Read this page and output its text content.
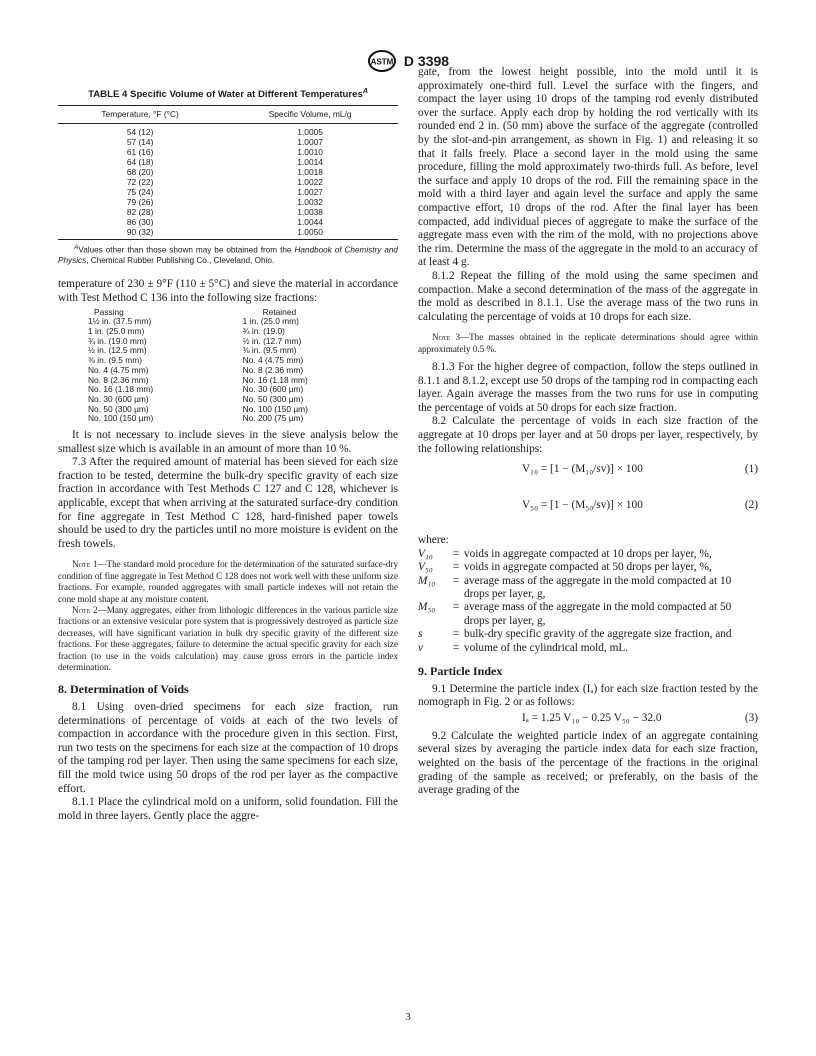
ASTM D 3398
TABLE 4 Specific Volume of Water at Different Temperatures$^A$
Temperature, °F (°C)	Specific Volume, mL/g
54 (12)	1.0005
57 (14)	1.0007
61 (16)	1.0010
64 (18)	1.0014
68 (20)	1.0018
72 (22)	1.0022
75 (24)	1.0027
79 (26)	1.0032
82 (28)	1.0038
86 (30)	1.0044
90 (32)	1.0050
$^A$Values other than those shown may be obtained from the Handbook of Chemistry and Physics, Chemical Rubber Publishing Co., Cleveland, Ohio.

temperature of 230 ± 9°F (110 ± 5°C) and sieve the material in accordance with Test Method C 136 into the following size fractions:

Passing	Retained
1½ in. (37.5 mm)	1 in. (25.0 mm)
1 in. (25.0 mm)	¾ in. (19.0)
¾ in. (19.0 mm)	½ in. (12.7 mm)
½ in. (12.5 mm)	⅜ in. (9.5 mm)
⅜ in. (9.5 mm)	No. 4 (4.75 mm)
No. 4 (4.75 mm)	No. 8 (2.36 mm)
No. 8 (2.36 mm)	No. 16 (1.18 mm)
No. 16 (1.18 mm)	No. 30 (600 µm)
No. 30 (600 µm)	No. 50 (300 µm)
No. 50 (300 µm)	No. 100 (150 µm)
No. 100 (150 µm)	No. 200 (75 µm)

It is not necessary to include sieves in the sieve analysis below the smallest size which is available in an amount of more than 10 %.

7.3 After the required amount of material has been sieved for each size fraction to be tested, determine the bulk-dry specific gravity of each size fraction in accordance with Test Methods C 127 and C 128, whichever is applicable, except that when arriving at the saturated surface-dry condition for fine aggregate in Test Method C 128, hard-finished paper towels should be used to dry the particles until no more moisture is evident on the fresh towels.

Note 1—The standard mold procedure for the determination of the saturated surface-dry condition of fine aggregate in Test Method C 128 does not work well with these uniform size fractions. For example, rounded aggregates with small particle indexes will not retain the cone mold shape at any moisture content.

Note 2—Many aggregates, either from lithologic differences in the various particle size fractions or an extensive vesicular pore system that is progressively destroyed as particle size decreases, will have significant variation in bulk dry specific gravity of the different size fractions. For these aggregates, failure to determine the actual specific gravity for each size fraction (to use in the voids calculation) may cause gross errors in the particle index determination.

8. Determination of Voids

8.1 Using oven-dried specimens for each size fraction, run determinations of percentage of voids at each of the two levels of compaction in accordance with the procedure given in this section. First, run two tests on the specimens for each size at the compaction of 10 drops of the tamping rod per layer. Then using the same specimens for each size, fill the mold twice using 50 drops of the rod per layer as the compactive effort.

8.1.1 Place the cylindrical mold on a uniform, solid foundation. Fill the mold in three layers. Gently place the aggre-

gate, from the lowest height possible, into the mold until it is approximately one-third full. Level the surface with the fingers, and compact the layer using 10 drops of the tamping rod evenly distributed over the surface. Apply each drop by holding the rod vertically with its rounded end 2 in. (50 mm) above the surface of the aggregate (controlled by the slot-and-pin arrangement, as shown in Fig. 1) and releasing it so that it falls freely. Place a second layer in the mold using the same procedure, filling the mold approximately two-thirds full. As before, level the surface and apply 10 drops of the rod. Fill the remaining space in the mold with a third layer and again level the surface and apply the same compactive effort, 10 drops of the rod. After the final layer has been compacted, add individual pieces of aggregate to make the surface of the aggregate mass even with the rim of the mold, with no projections above the rim. Determine the mass of the aggregate in the mold to an accuracy of at least 4 g.

8.1.2 Repeat the filling of the mold using the same specimen and compaction. Make a second determination of the mass of the aggregate in the mold as described in 8.1.1. Use the average mass of the two runs in calculating the percentage of voids at 10 drops for each size.

Note 3—The masses obtained in the replicate determinations should agree within approximately 0.5 %.

8.1.3 For the higher degree of compaction, follow the steps outlined in 8.1.1 and 8.1.2, except use 50 drops of the tamping rod in compacting each layer. Again average the masses from the two runs for use in computing the percentage of voids at 50 drops for each size fraction.

8.2 Calculate the percentage of voids in each size fraction of the aggregate at 10 drops per layer and at 50 drops per layer, respectively, by the following relationships:

V₁₀ = [1 − (M₁₀/sv)] × 100	(1)
V₅₀ = [1 − (M₅₀/sv)] × 100	(2)

where:

V₁₀	=	voids in aggregate compacted at 10 drops per layer, %,
V₅₀	=	voids in aggregate compacted at 50 drops per layer, %,
M₁₀	=	average mass of the aggregate in the mold compacted at 10 drops per layer, g,
M₅₀	=	average mass of the aggregate in the mold compacted at 50 drops per layer, g,
s	=	bulk-dry specific gravity of the aggregate size fraction, and
v	=	volume of the cylindrical mold, mL.
9. Particle Index

9.1 Determine the particle index (Iₐ) for each size fraction tested by the nomograph in Fig. 2 or as follows:

Iₐ = 1.25 V₁₀ − 0.25 V₅₀ − 32.0	(3)

9.2 Calculate the weighted particle index of an aggregate containing several sizes by averaging the particle index data for each size fraction, weighted on the basis of the percentage of the fractions in the original grading of the sample as received; or preferably, on the basis of the average grading of the

3
